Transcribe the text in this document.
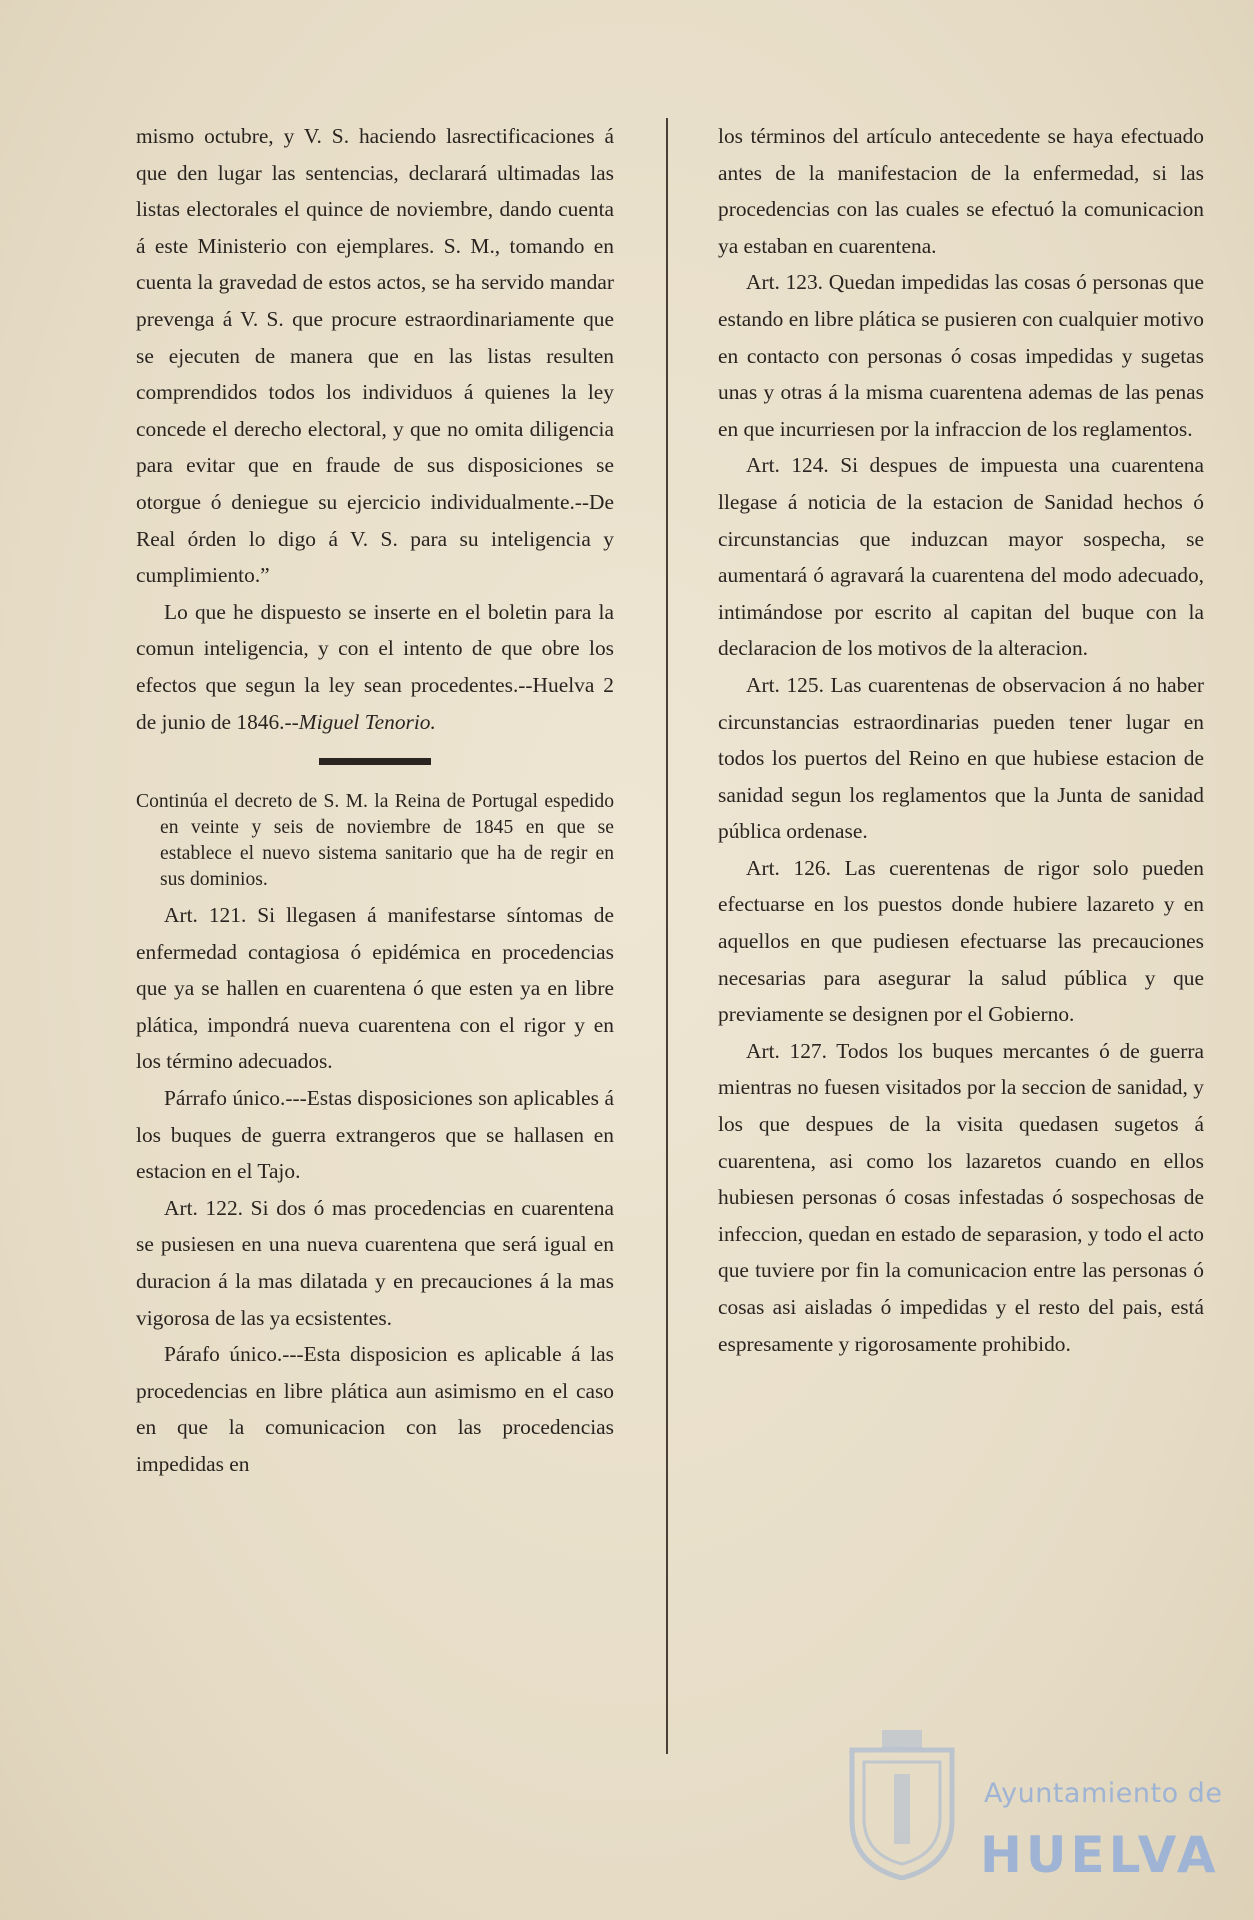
mismo octubre, y V. S. haciendo lasrectificaciones á que den lugar las sentencias, declarará ultimadas las listas electorales el quince de noviembre, dando cuenta á este Ministerio con ejemplares. S. M., tomando en cuenta la gravedad de estos actos, se ha servido mandar prevenga á V. S. que procure estraordinariamente que se ejecuten de manera que en las listas resulten comprendidos todos los individuos á quienes la ley concede el derecho electoral, y que no omita diligencia para evitar que en fraude de sus disposiciones se otorgue ó deniegue su ejercicio individualmente.--De Real órden lo digo á V. S. para su inteligencia y cumplimiento.”

Lo que he dispuesto se inserte en el boletin para la comun inteligencia, y con el intento de que obre los efectos que segun la ley sean procedentes.--Huelva 2 de junio de 1846.--Miguel Tenorio.

Continúa el decreto de S. M. la Reina de Portugal espedido en veinte y seis de noviembre de 1845 en que se establece el nuevo sistema sanitario que ha de regir en sus dominios.

Art. 121. Si llegasen á manifestarse síntomas de enfermedad contagiosa ó epidémica en procedencias que ya se hallen en cuarentena ó que esten ya en libre plática, impondrá nueva cuarentena con el rigor y en los término adecuados.

Párrafo único.---Estas disposiciones son aplicables á los buques de guerra extrangeros que se hallasen en estacion en el Tajo.

Art. 122. Si dos ó mas procedencias en cuarentena se pusiesen en una nueva cuarentena que será igual en duracion á la mas dilatada y en precauciones á la mas vigorosa de las ya ecsistentes.

Párafo único.---Esta disposicion es aplicable á las procedencias en libre plática aun asimismo en el caso en que la comunicacion con las procedencias impedidas en

los términos del artículo antecedente se haya efectuado antes de la manifestacion de la enfermedad, si las procedencias con las cuales se efectuó la comunicacion ya estaban en cuarentena.

Art. 123. Quedan impedidas las cosas ó personas que estando en libre plática se pusieren con cualquier motivo en contacto con personas ó cosas impedidas y sugetas unas y otras á la misma cuarentena ademas de las penas en que incurriesen por la infraccion de los reglamentos.

Art. 124. Si despues de impuesta una cuarentena llegase á noticia de la estacion de Sanidad hechos ó circunstancias que induzcan mayor sospecha, se aumentará ó agravará la cuarentena del modo adecuado, intimándose por escrito al capitan del buque con la declaracion de los motivos de la alteracion.

Art. 125. Las cuarentenas de observacion á no haber circunstancias estraordinarias pueden tener lugar en todos los puertos del Reino en que hubiese estacion de sanidad segun los reglamentos que la Junta de sanidad pública ordenase.

Art. 126. Las cuerentenas de rigor solo pueden efectuarse en los puestos donde hubiere lazareto y en aquellos en que pudiesen efectuarse las precauciones necesarias para asegurar la salud pública y que previamente se designen por el Gobierno.

Art. 127. Todos los buques mercantes ó de guerra mientras no fuesen visitados por la seccion de sanidad, y los que despues de la visita quedasen sugetos á cuarentena, asi como los lazaretos cuando en ellos hubiesen personas ó cosas infestadas ó sospechosas de infeccion, quedan en estado de separasion, y todo el acto que tuviere por fin la comunicacion entre las personas ó cosas asi aisladas ó impedidas y el resto del pais, está espresamente y rigorosamente prohibido.

Ayuntamiento de
HUELVA
